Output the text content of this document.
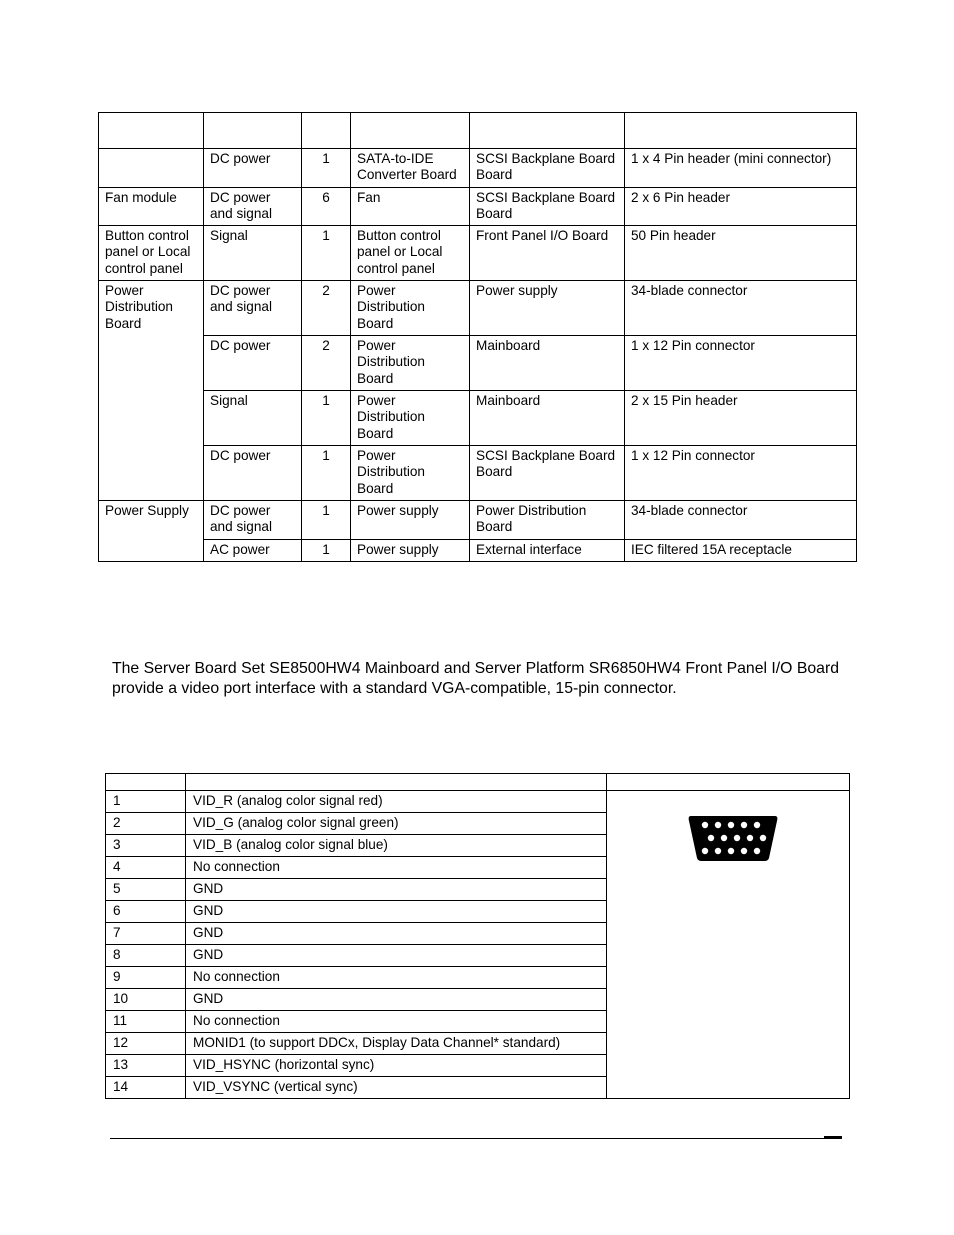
	DC power	1	SATA-to-IDE Converter Board	SCSI Backplane Board Board	1 x 4 Pin header (mini connector)
Fan module	DC power and signal	6	Fan	SCSI Backplane Board Board	2 x 6 Pin header
Button control panel or Local control panel	Signal	1	Button control panel or Local control panel	Front Panel I/O Board	50 Pin header
Power Distribution Board	DC power and signal	2	Power Distribution Board	Power supply	34-blade connector
	DC power	2	Power Distribution Board	Mainboard	1 x 12 Pin connector
	Signal	1	Power Distribution Board	Mainboard	2 x 15 Pin header
	DC power	1	Power Distribution Board	SCSI Backplane Board Board	1 x 12 Pin connector
Power Supply	DC power and signal	1	Power supply	Power Distribution Board	34-blade connector
	AC power	1	Power supply	External interface	IEC filtered 15A receptacle

The Server Board Set SE8500HW4 Mainboard and Server Platform SR6850HW4 Front Panel I/O Board provide a video port interface with a standard VGA-compatible, 15-pin connector.

1	VID_R (analog color signal red)	

2	VID_G (analog color signal green)	
3	VID_B (analog color signal blue)	
4	No connection	
5	GND	
6	GND	
7	GND	
8	GND	
9	No connection	
10	GND	
11	No connection	
12	MONID1 (to support DDCx, Display Data Channel* standard)	
13	VID_HSYNC (horizontal sync)	
14	VID_VSYNC (vertical sync)	
